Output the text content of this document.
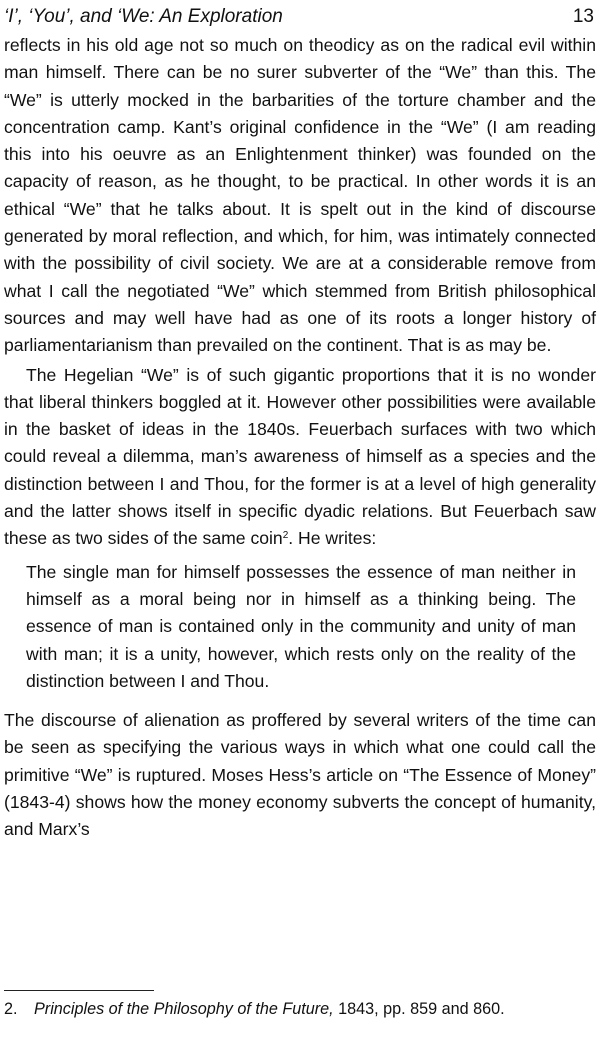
‘I’, ‘You’, and ‘We: An Exploration	13

reflects in his old age not so much on theodicy as on the radical evil within man himself. There can be no surer subverter of the “We” than this. The “We” is utterly mocked in the barbarities of the torture chamber and the concentration camp. Kant’s original confidence in the “We” (I am reading this into his oeuvre as an Enlightenment thinker) was founded on the capacity of reason, as he thought, to be practical. In other words it is an ethical “We” that he talks about. It is spelt out in the kind of discourse generated by moral reflection, and which, for him, was intimately connected with the possibility of civil society. We are at a considerable remove from what I call the negotiated “We” which stemmed from British philosophical sources and may well have had as one of its roots a longer history of parliamentarianism than prevailed on the continent. That is as may be.

The Hegelian “We” is of such gigantic proportions that it is no wonder that liberal thinkers boggled at it. However other possibilities were available in the basket of ideas in the 1840s. Feuerbach surfaces with two which could reveal a dilemma, man’s awareness of himself as a species and the distinction between I and Thou, for the former is at a level of high generality and the latter shows itself in specific dyadic relations. But Feuerbach saw these as two sides of the same coin$^2$. He writes:

The single man for himself possesses the essence of man neither in himself as a moral being nor in himself as a thinking being. The essence of man is contained only in the community and unity of man with man; it is a unity, however, which rests only on the reality of the distinction between I and Thou.

The discourse of alienation as proffered by several writers of the time can be seen as specifying the various ways in which what one could call the primitive “We” is ruptured. Moses Hess’s article on “The Essence of Money” (1843-4) shows how the money economy subverts the concept of humanity, and Marx’s

2. Principles of the Philosophy of the Future, 1843, pp. 859 and 860.
